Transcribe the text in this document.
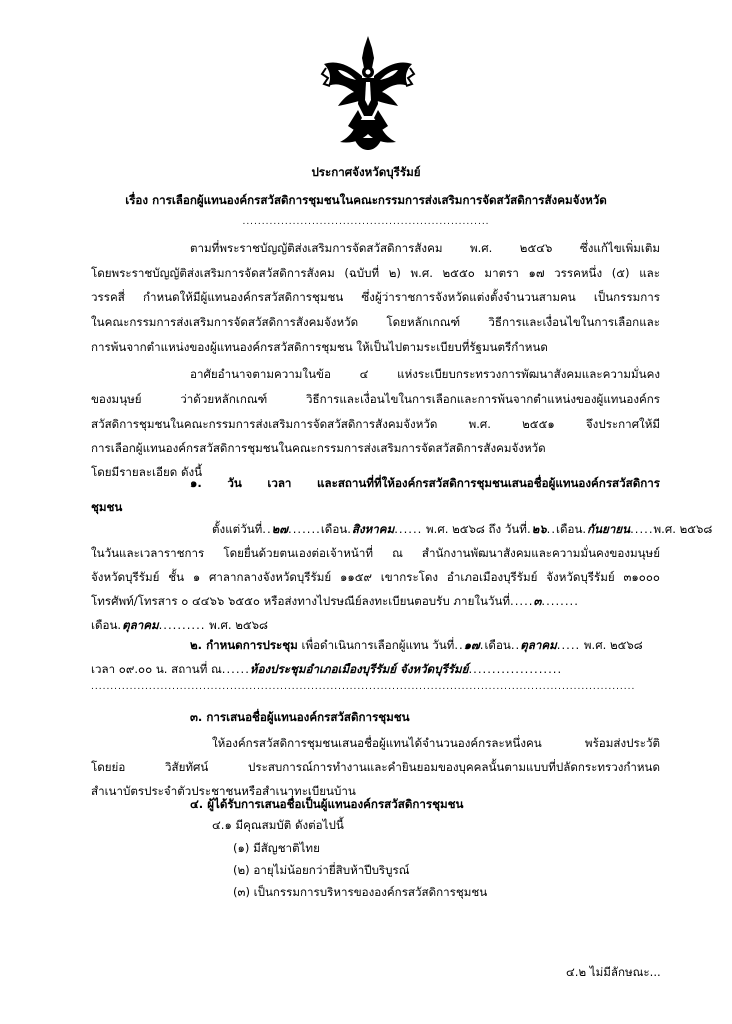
ประกาศจังหวัดบุรีรัมย์
เรื่อง การเลือกผู้แทนองค์กรสวัสดิการชุมชนในคณะกรรมการส่งเสริมการจัดสวัสดิการสังคมจังหวัด
................................................................
ตามที่พระราชบัญญัติส่งเสริมการจัดสวัสดิการสังคม พ.ศ. ๒๕๔๖ ซึ่งแก้ไขเพิ่มเติม
โดยพระราชบัญญัติส่งเสริมการจัดสวัสดิการสังคม (ฉบับที่ ๒) พ.ศ. ๒๕๕๐ มาตรา ๑๗ วรรคหนึ่ง (๕) และ
วรรคสี่ กำหนดให้มีผู้แทนองค์กรสวัสดิการชุมชน ซึ่งผู้ว่าราชการจังหวัดแต่งตั้งจำนวนสามคน เป็นกรรมการ
ในคณะกรรมการส่งเสริมการจัดสวัสดิการสังคมจังหวัด โดยหลักเกณฑ์ วิธีการและเงื่อนไขในการเลือกและ
การพ้นจากตำแหน่งของผู้แทนองค์กรสวัสดิการชุมชน ให้เป็นไปตามระเบียบที่รัฐมนตรีกำหนด
อาศัยอำนาจตามความในข้อ ๔ แห่งระเบียบกระทรวงการพัฒนาสังคมและความมั่นคง
ของมนุษย์ ว่าด้วยหลักเกณฑ์ วิธีการและเงื่อนไขในการเลือกและการพ้นจากตำแหน่งของผู้แทนองค์กร
สวัสดิการชุมชนในคณะกรรมการส่งเสริมการจัดสวัสดิการสังคมจังหวัด พ.ศ. ๒๕๕๑ จึงประกาศให้มี
การเลือกผู้แทนองค์กรสวัสดิการชุมชนในคณะกรรมการส่งเสริมการจัดสวัสดิการสังคมจังหวัด
โดยมีรายละเอียด ดังนี้
๑. วัน เวลา และสถานที่ที่ให้องค์กรสวัสดิการชุมชนเสนอชื่อผู้แทนองค์กรสวัสดิการ
ชุมชน
ตั้งแต่วันที่..๒๗.......เดือน.สิงหาคม...... พ.ศ. ๒๕๖๘ ถึง วันที่.๒๖..เดือน.กันยายน.....พ.ศ. ๒๕๖๘
ในวันและเวลาราชการ โดยยื่นด้วยตนเองต่อเจ้าหน้าที่ ณ สำนักงานพัฒนาสังคมและความมั่นคงของมนุษย์
จังหวัดบุรีรัมย์ ชั้น ๑ ศาลากลางจังหวัดบุรีรัมย์ ๑๑๕๙ เขากระโดง อำเภอเมืองบุรีรัมย์ จังหวัดบุรีรัมย์ ๓๑๐๐๐
โทรศัพท์/โทรสาร ๐ ๔๔๖๖ ๖๕๕๐ หรือส่งทางไปรษณีย์ลงทะเบียนตอบรับ ภายในวันที่.....๓........
เดือน.ตุลาคม.......... พ.ศ. ๒๕๖๘
๒. กำหนดการประชุม เพื่อดำเนินการเลือกผู้แทน วันที่..๑๗.เดือน..ตุลาคม..... พ.ศ. ๒๕๖๘
เวลา ๐๙.๐๐ น. สถานที่ ณ......ห้องประชุมอำเภอเมืองบุรีรัมย์ จังหวัดบุรีรัมย์....................
.............................................................................................................................................
๓. การเสนอชื่อผู้แทนองค์กรสวัสดิการชุมชน
ให้องค์กรสวัสดิการชุมชนเสนอชื่อผู้แทนได้จำนวนองค์กรละหนึ่งคน พร้อมส่งประวัติ
โดยย่อ วิสัยทัศน์ ประสบการณ์การทำงานและคำยินยอมของบุคคลนั้นตามแบบที่ปลัดกระทรวงกำหนด
สำเนาบัตรประจำตัวประชาชนหรือสำเนาทะเบียนบ้าน
๔. ผู้ได้รับการเสนอชื่อเป็นผู้แทนองค์กรสวัสดิการชุมชน
๔.๑ มีคุณสมบัติ ดังต่อไปนี้
(๑) มีสัญชาติไทย
(๒) อายุไม่น้อยกว่ายี่สิบห้าปีบริบูรณ์
(๓) เป็นกรรมการบริหารขององค์กรสวัสดิการชุมชน
๔.๒ ไม่มีลักษณะ...
